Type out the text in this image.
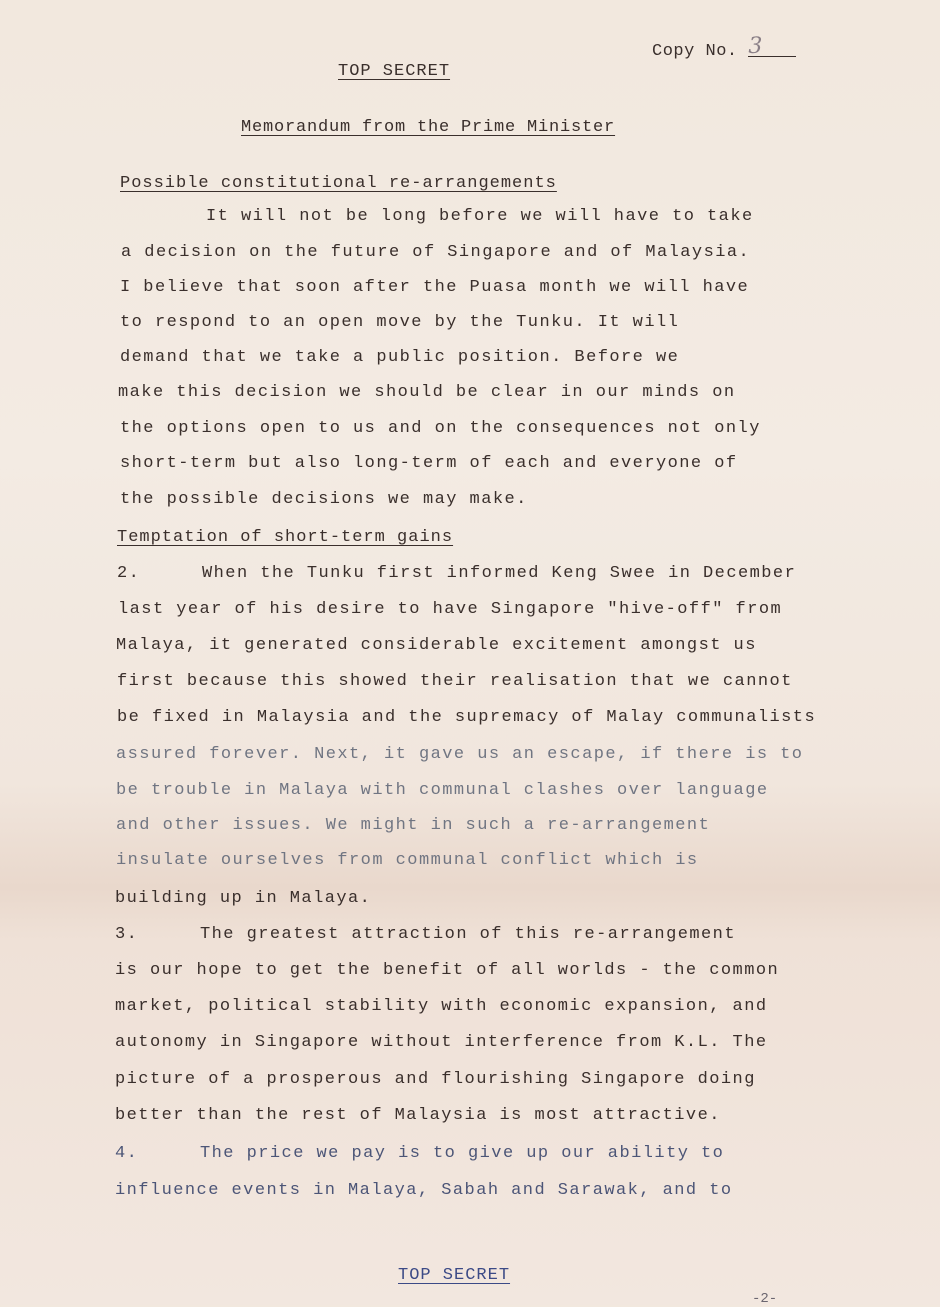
Copy No. 3
TOP SECRET
Memorandum from the Prime Minister
Possible constitutional re-arrangements
It will not be long before we will have to take
a decision on the future of Singapore and of Malaysia.
I believe that soon after the Puasa month we will have
to respond to an open move by the Tunku. It will
demand that we take a public position. Before we
make this decision we should be clear in our minds on
the options open to us and on the consequences not only
short-term but also long-term of each and everyone of
the possible decisions we may make.
Temptation of short-term gains
2.	When the Tunku first informed Keng Swee in December
last year of his desire to have Singapore "hive-off" from
Malaya, it generated considerable excitement amongst us
first because this showed their realisation that we cannot
be fixed in Malaysia and the supremacy of Malay communalists
assured forever. Next, it gave us an escape, if there is to
be trouble in Malaya with communal clashes over language
and other issues. We might in such a re-arrangement
insulate ourselves from communal conflict which is
building up in Malaya.
3.	The greatest attraction of this re-arrangement
is our hope to get the benefit of all worlds - the common
market, political stability with economic expansion, and
autonomy in Singapore without interference from K.L. The
picture of a prosperous and flourishing Singapore doing
better than the rest of Malaysia is most attractive.
4.	The price we pay is to give up our ability to
influence events in Malaya, Sabah and Sarawak, and to
TOP SECRET
-2-
